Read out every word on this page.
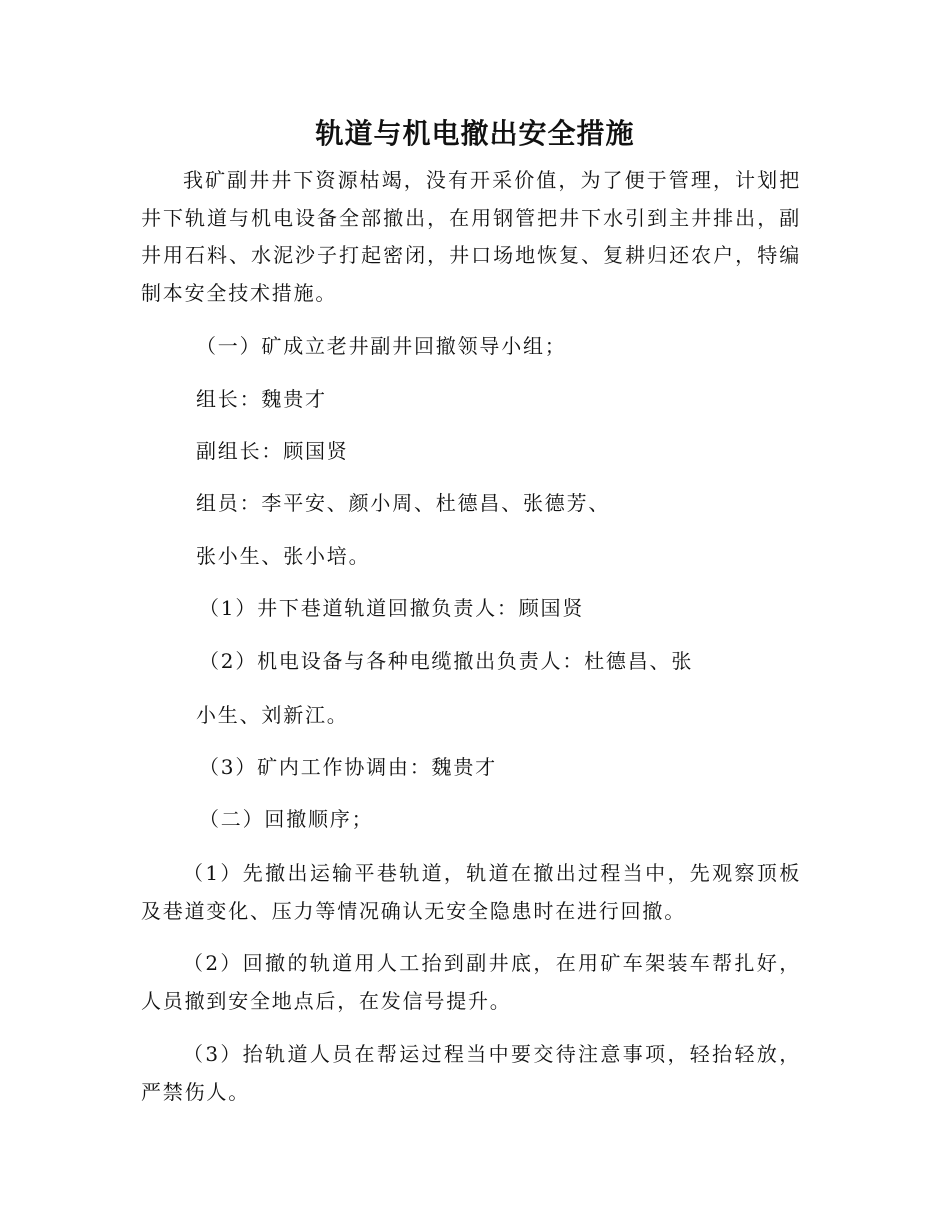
轨道与机电撤出安全措施
我矿副井井下资源枯竭，没有开采价值，为了便于管理，计划把井下轨道与机电设备全部撤出，在用钢管把井下水引到主井排出，副井用石料、水泥沙子打起密闭，井口场地恢复、复耕归还农户，特编制本安全技术措施。
（一）矿成立老井副井回撤领导小组；
组长：魏贵才
副组长：顾国贤
组员：李平安、颜小周、杜德昌、张德芳、
张小生、张小培。
（1）井下巷道轨道回撤负责人：顾国贤
（2）机电设备与各种电缆撤出负责人：杜德昌、张
小生、刘新江。
（3）矿内工作协调由：魏贵才
（二）回撤顺序；
（1）先撤出运输平巷轨道，轨道在撤出过程当中，先观察顶板及巷道变化、压力等情况确认无安全隐患时在进行回撤。
（2）回撤的轨道用人工抬到副井底，在用矿车架装车帮扎好，人员撤到安全地点后，在发信号提升。
（3）抬轨道人员在帮运过程当中要交待注意事项，轻抬轻放，严禁伤人。
